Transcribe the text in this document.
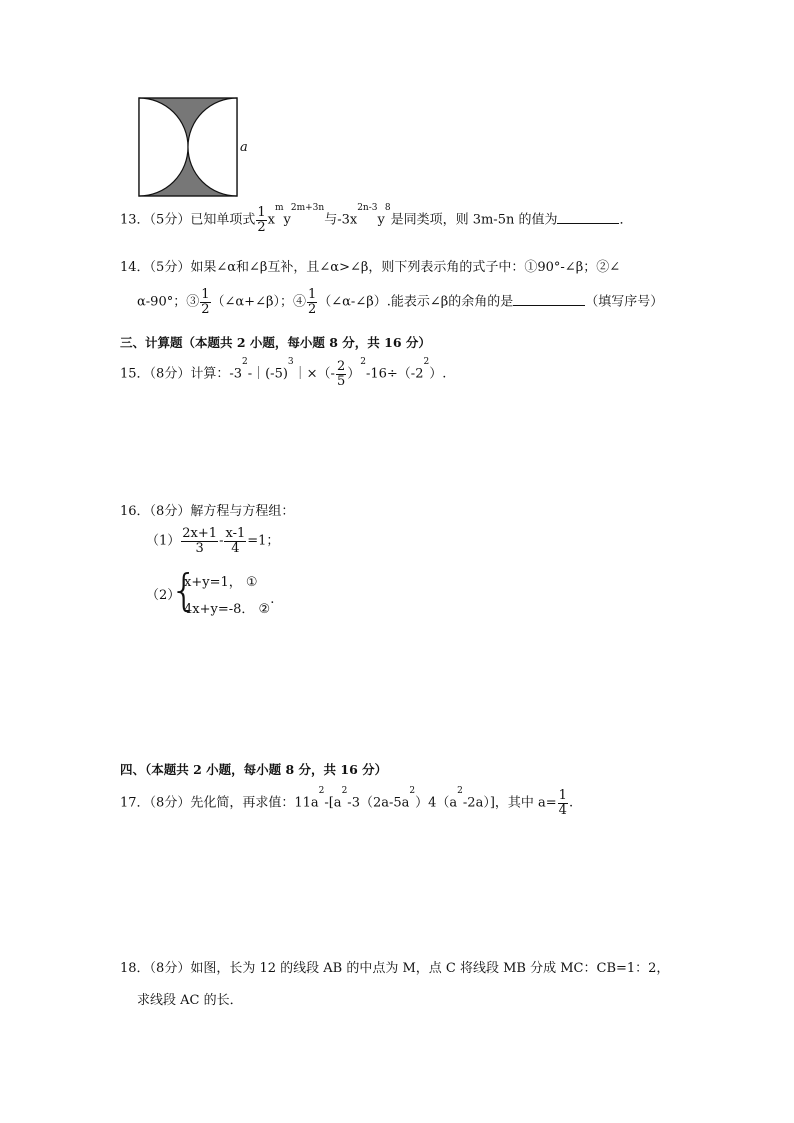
a
13．（5分）已知单项式 $\frac{1}{2} x^my^{2m+3n}$与$-3x^{2n-3}y^8$是同类项，则 3m-5n 的值为	．
14．（5分）如果∠α和∠β互补，且∠α>∠β，则下列表示角的式子中：①90°-∠β；②∠
α-90°；③ $\frac{1}{2}$ （∠α+∠β）；④ $\frac{1}{2}$ （∠α-∠β）.能表示∠β的余角的是	（填写序号）
三、计算题（本题共 2 小题，每小题 8 分，共 16 分）
15．（8分）计算：$-3^2-|(-5)^3|\times(- \frac{2}{5} )^2-16\div(-2^2)$.
16．（8分）解方程与方程组：
$(1) \frac{2x+1}{3} - \frac{x-1}{4} =1$；
（2）
{
x+y=1， ①
4x+y=-8． ②.
四、（本题共 2 小题，每小题 8 分，共 16 分）
17．（8分）先化简，再求值：$11a^2-[a^2-3(2a-5a^2)4(a^2-2a)]$，其中 $a= \frac{1}{4}$ .
18．（8分）如图，长为 12 的线段 AB 的中点为 M，点 C 将线段 MB 分成 MC：CB=1：2，
求线段 AC 的长．
